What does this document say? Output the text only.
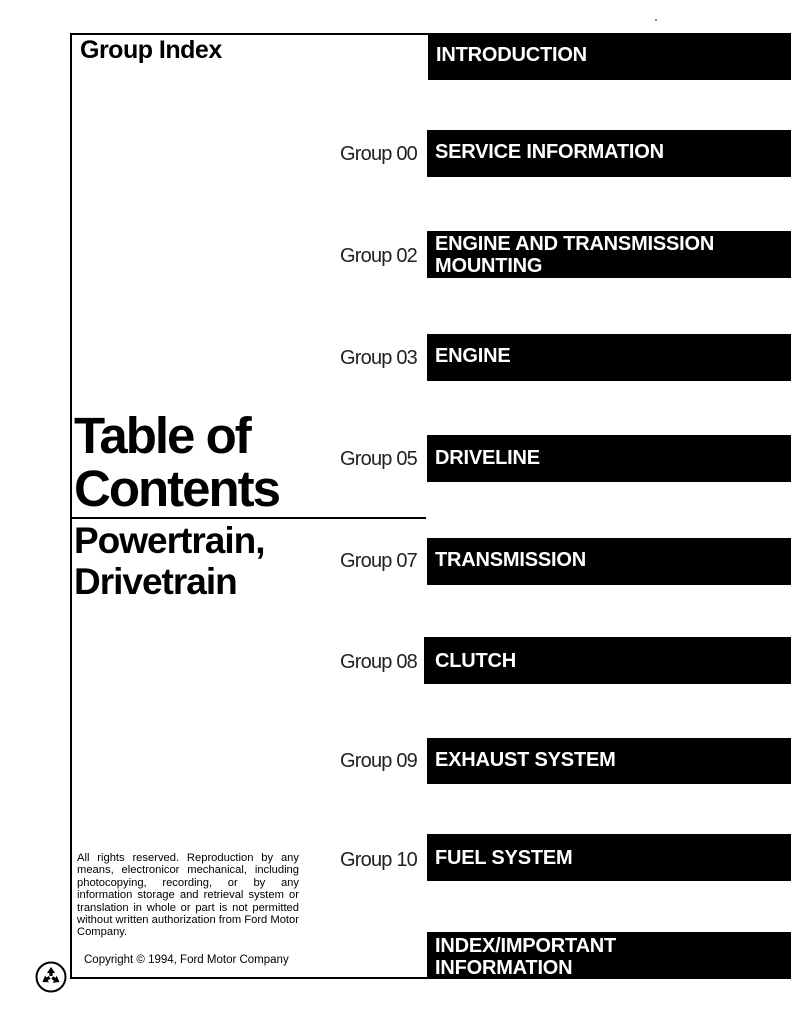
Group Index
Table of
Contents
Powertrain,
Drivetrain
INTRODUCTION
Group 00 SERVICE INFORMATION
Group 02
ENGINE AND TRANSMISSION
MOUNTING
Group 03 ENGINE
Group 05 DRIVELINE
Group 07 TRANSMISSION
Group 08 CLUTCH
Group 09 EXHAUST SYSTEM
Group 10 FUEL SYSTEM
INDEX/IMPORTANT
INFORMATION
All rights reserved. Reproduction by any means, electronicor mechanical, including photocopying, recording, or by any information storage and retrieval system or translation in whole or part is not permitted without written authorization from Ford Motor Company.
Copyright © 1994, Ford Motor Company
